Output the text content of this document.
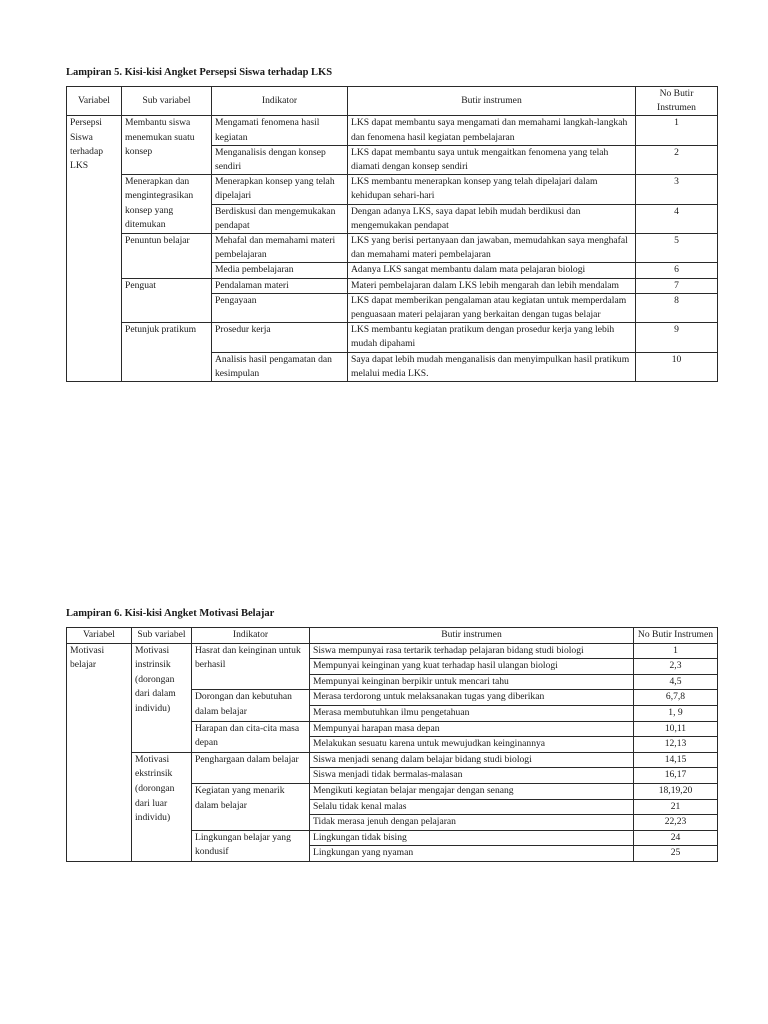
Lampiran 5. Kisi-kisi Angket Persepsi Siswa terhadap LKS

Variabel	Sub variabel	Indikator	Butir instrumen	No Butir Instrumen
Persepsi Siswa terhadap LKS	Membantu siswa menemukan suatu konsep	Mengamati fenomena hasil kegiatan	LKS dapat membantu saya mengamati dan memahami langkah-langkah dan fenomena hasil kegiatan pembelajaran	1
		Menganalisis dengan konsep sendiri	LKS dapat membantu saya untuk mengaitkan fenomena yang telah diamati dengan konsep sendiri	2
	Menerapkan dan mengintegrasikan konsep yang ditemukan	Menerapkan konsep yang telah dipelajari	LKS membantu menerapkan konsep yang telah dipelajari dalam kehidupan sehari-hari	3
		Berdiskusi dan mengemukakan pendapat	Dengan adanya LKS, saya dapat lebih mudah berdikusi dan mengemukakan pendapat	4
	Penuntun belajar	Mehafal dan memahami materi pembelajaran	LKS yang berisi pertanyaan dan jawaban, memudahkan saya menghafal dan memahami materi pembelajaran	5
		Media pembelajaran	Adanya LKS sangat membantu dalam mata pelajaran biologi	6
	Penguat	Pendalaman materi	Materi pembelajaran dalam LKS lebih mengarah dan lebih mendalam	7
		Pengayaan	LKS dapat memberikan pengalaman atau kegiatan untuk memperdalam penguasaan materi pelajaran yang berkaitan dengan tugas belajar	8
	Petunjuk pratikum	Prosedur kerja	LKS membantu kegiatan pratikum dengan prosedur kerja yang lebih mudah dipahami	9
		Analisis hasil pengamatan dan kesimpulan	Saya dapat lebih mudah menganalisis dan menyimpulkan hasil pratikum melalui media LKS.	10

Lampiran 6. Kisi-kisi Angket Motivasi Belajar

Variabel	Sub variabel	Indikator	Butir instrumen	No Butir Instrumen
Motivasi belajar	Motivasi instrinsik (dorongan dari dalam individu)	Hasrat dan keinginan untuk berhasil	Siswa mempunyai rasa tertarik terhadap pelajaran bidang studi biologi	1
			Mempunyai keinginan yang kuat terhadap hasil ulangan biologi	2,3
			Mempunyai keinginan berpikir untuk mencari tahu	4,5
		Dorongan dan kebutuhan dalam belajar	Merasa terdorong untuk melaksanakan tugas yang diberikan	6,7,8
			Merasa membutuhkan ilmu pengetahuan	1, 9
		Harapan dan cita-cita masa depan	Mempunyai harapan masa depan	10,11
			Melakukan sesuatu karena untuk mewujudkan keinginannya	12,13
	Motivasi ekstrinsik (dorongan dari luar individu)	Penghargaan dalam belajar	Siswa menjadi senang dalam belajar bidang studi biologi	14,15
			Siswa menjadi tidak bermalas-malasan	16,17
		Kegiatan yang menarik dalam belajar	Mengikuti kegiatan belajar mengajar dengan senang	18,19,20
			Selalu tidak kenal malas	21
			Tidak merasa jenuh dengan pelajaran	22,23
		Lingkungan belajar yang kondusif	Lingkungan tidak bising	24
			Lingkungan yang nyaman	25
